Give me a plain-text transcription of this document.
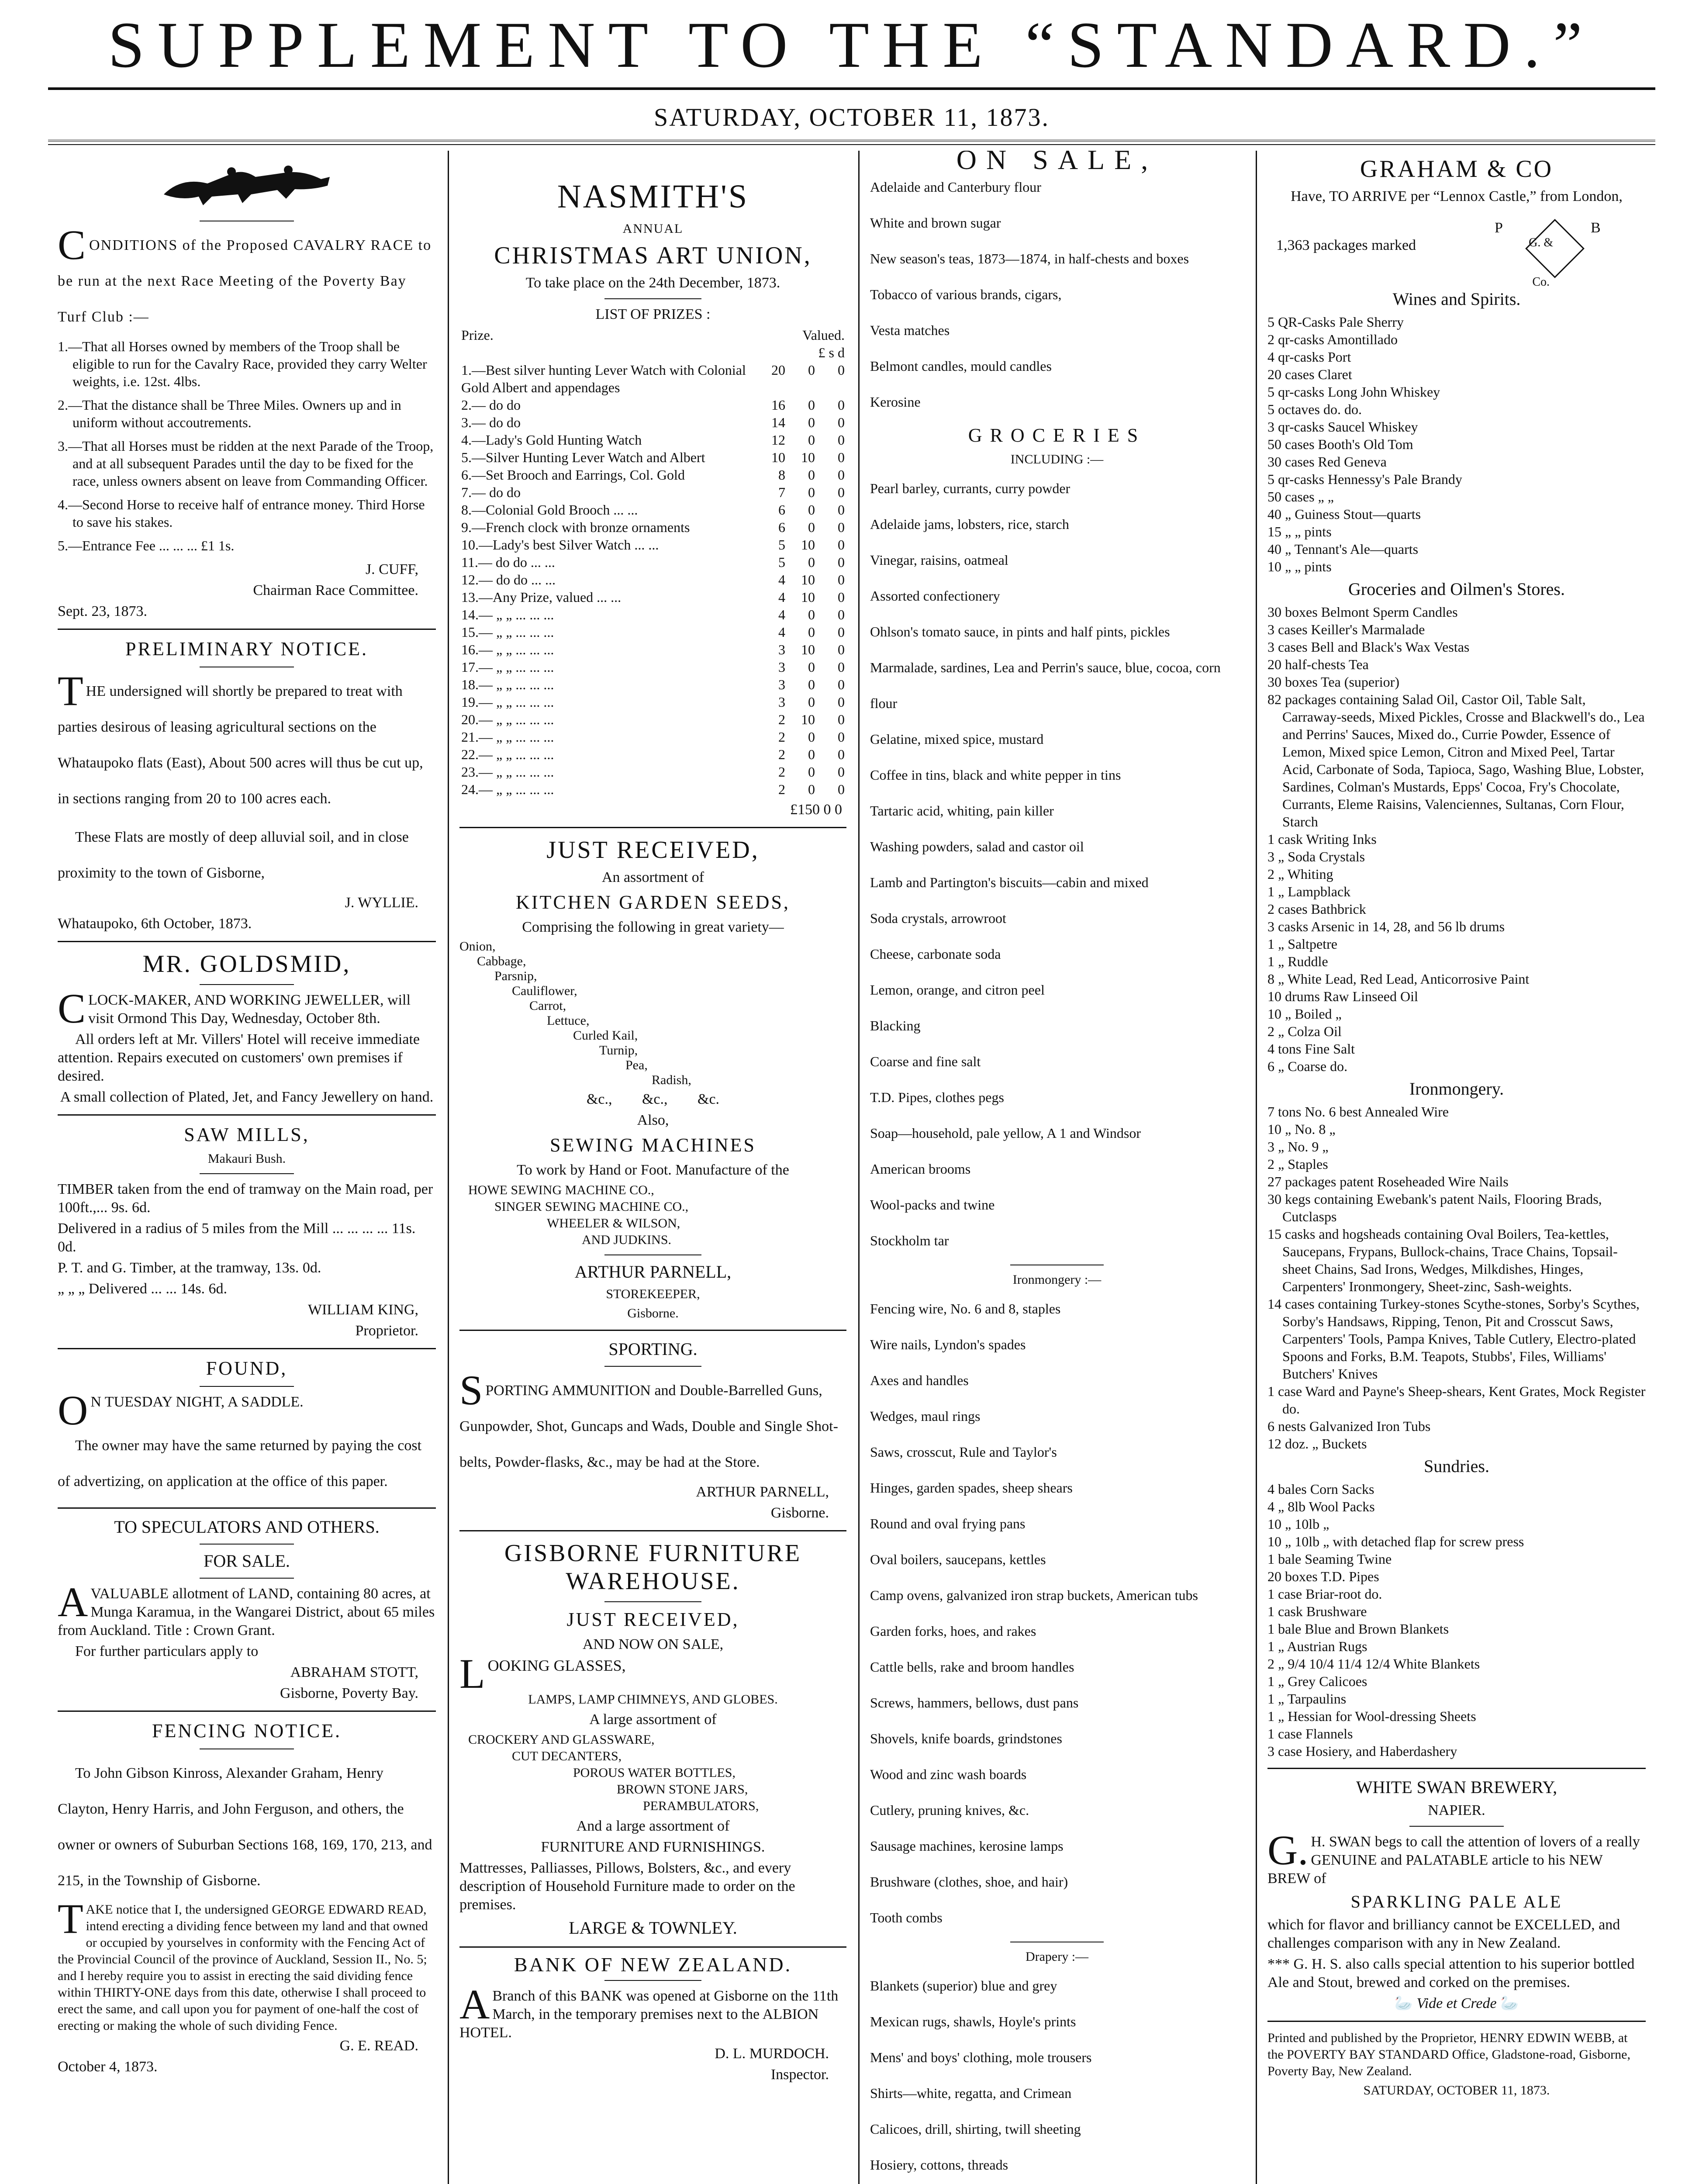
SUPPLEMENT TO THE “STANDARD.”
SATURDAY, OCTOBER 11, 1873.

CONDITIONS of the Proposed CAVALRY RACE to be run at the next Race Meeting of the Poverty Bay Turf Club :—

1.—That all Horses owned by members of the Troop shall be eligible to run for the Cavalry Race, provided they carry Welter weights, i.e. 12st. 4lbs.
2.—That the distance shall be Three Miles. Owners up and in uniform without accoutrements.
3.—That all Horses must be ridden at the next Parade of the Troop, and at all subsequent Parades until the day to be fixed for the race, unless owners absent on leave from Commanding Officer.
4.—Second Horse to receive half of entrance money. Third Horse to save his stakes.
5.—Entrance Fee ... ... ... £1 1s.

J. CUFF,

Chairman Race Committee.

Sept. 23, 1873.

PRELIMINARY NOTICE.

THE undersigned will shortly be prepared to treat with parties desirous of leasing agricultural sections on the Whataupoko flats (East), About 500 acres will thus be cut up, in sections ranging from 20 to 100 acres each.

These Flats are mostly of deep alluvial soil, and in close proximity to the town of Gisborne,

J. WYLLIE.

Whataupoko, 6th October, 1873.

MR. GOLDSMID,

CLOCK-MAKER, AND WORKING JEWELLER, will visit Ormond This Day, Wednesday, October 8th.

All orders left at Mr. Villers' Hotel will receive immediate attention. Repairs executed on customers' own premises if desired.

A small collection of Plated, Jet, and Fancy Jewellery on hand.

SAW MILLS,

Makauri Bush.

TIMBER taken from the end of tramway on the Main road, per 100ft.,... 9s. 6d.

Delivered in a radius of 5 miles from the Mill ... ... ... ... 11s. 0d.

P. T. and G. Timber, at the tramway, 13s. 0d.

„ „ „ Delivered ... ... 14s. 6d.

WILLIAM KING,

Proprietor.

FOUND,

ON TUESDAY NIGHT, A SADDLE.

The owner may have the same returned by paying the cost of advertizing, on application at the office of this paper.

TO SPECULATORS AND OTHERS.
FOR SALE.

AVALUABLE allotment of LAND, containing 80 acres, at Munga Karamua, in the Wangarei District, about 65 miles from Auckland. Title : Crown Grant.

For further particulars apply to

ABRAHAM STOTT,

Gisborne, Poverty Bay.

FENCING NOTICE.

To John Gibson Kinross, Alexander Graham, Henry Clayton, Henry Harris, and John Ferguson, and others, the owner or owners of Suburban Sections 168, 169, 170, 213, and 215, in the Township of Gisborne.

TAKE notice that I, the undersigned GEORGE EDWARD READ, intend erecting a dividing fence between my land and that owned or occupied by yourselves in conformity with the Fencing Act of the Provincial Council of the province of Auckland, Session II., No. 5; and I hereby require you to assist in erecting the said dividing fence within THIRTY-ONE days from this date, otherwise I shall proceed to erect the same, and call upon you for payment of one-half the cost of erecting or making the whole of such dividing Fence.

G. E. READ.

October 4, 1873.

NASMITH'S

ANNUAL

CHRISTMAS ART UNION,

To take place on the 24th December, 1873.

LIST OF PRIZES :

Prize.	Valued.		
	£ s d		
1.—Best silver hunting Lever Watch with Colonial Gold Albert and appendages	20	0	0
2.— do do	16	0	0
3.— do do	14	0	0
4.—Lady's Gold Hunting Watch	12	0	0
5.—Silver Hunting Lever Watch and Albert	10	10	0
6.—Set Brooch and Earrings, Col. Gold	8	0	0
7.— do do	7	0	0
8.—Colonial Gold Brooch ... ...	6	0	0
9.—French clock with bronze ornaments	6	0	0
10.—Lady's best Silver Watch ... ...	5	10	0
11.— do do ... ...	5	0	0
12.— do do ... ...	4	10	0
13.—Any Prize, valued ... ...	4	10	0
14.— „ „ ... ... ...	4	0	0
15.— „ „ ... ... ...	4	0	0
16.— „ „ ... ... ...	3	10	0
17.— „ „ ... ... ...	3	0	0
18.— „ „ ... ... ...	3	0	0
19.— „ „ ... ... ...	3	0	0
20.— „ „ ... ... ...	2	10	0
21.— „ „ ... ... ...	2	0	0
22.— „ „ ... ... ...	2	0	0
23.— „ „ ... ... ...	2	0	0
24.— „ „ ... ... ...	2	0	0

£150 0 0

JUST RECEIVED,

An assortment of

KITCHEN GARDEN SEEDS,

Comprising the following in great variety—

Onion,
Cabbage,
Parsnip,
Cauliflower,
Carrot,
Lettuce,
Curled Kail,
Turnip,
Pea,
Radish,

&c., &c., &c.

Also,

SEWING MACHINES

To work by Hand or Foot. Manufacture of the

HOWE SEWING MACHINE CO.,
SINGER SEWING MACHINE CO.,
WHEELER & WILSON,
AND JUDKINS.
ARTHUR PARNELL,

STOREKEEPER,

Gisborne.

SPORTING.

SPORTING AMMUNITION and Double-Barrelled Guns, Gunpowder, Shot, Guncaps and Wads, Double and Single Shot-belts, Powder-flasks, &c., may be had at the Store.

ARTHUR PARNELL,

Gisborne.

GISBORNE FURNITURE WAREHOUSE.
JUST RECEIVED,

AND NOW ON SALE,

LOOKING GLASSES,

LAMPS, LAMP CHIMNEYS, AND GLOBES.

A large assortment of

CROCKERY AND GLASSWARE,
CUT DECANTERS,
POROUS WATER BOTTLES,
BROWN STONE JARS,
PERAMBULATORS,

And a large assortment of

FURNITURE AND FURNISHINGS.

Mattresses, Palliasses, Pillows, Bolsters, &c., and every description of Household Furniture made to order on the premises.

LARGE & TOWNLEY.
BANK OF NEW ZEALAND.

ABranch of this BANK was opened at Gisborne on the 11th March, in the temporary premises next to the ALBION HOTEL.

D. L. MURDOCH.

Inspector.

ON SALE,
Adelaide and Canterbury flour
White and brown sugar
New season's teas, 1873—1874, in half-chests and boxes
Tobacco of various brands, cigars,
Vesta matches
Belmont candles, mould candles
Kerosine
GROCERIES

INCLUDING :—

Pearl barley, currants, curry powder
Adelaide jams, lobsters, rice, starch
Vinegar, raisins, oatmeal
Assorted confectionery
Ohlson's tomato sauce, in pints and half pints, pickles
Marmalade, sardines, Lea and Perrin's sauce, blue, cocoa, corn flour
Gelatine, mixed spice, mustard
Coffee in tins, black and white pepper in tins
Tartaric acid, whiting, pain killer
Washing powders, salad and castor oil
Lamb and Partington's biscuits—cabin and mixed
Soda crystals, arrowroot
Cheese, carbonate soda
Lemon, orange, and citron peel
Blacking
Coarse and fine salt
T.D. Pipes, clothes pegs
Soap—household, pale yellow, A 1 and Windsor
American brooms
Wool-packs and twine
Stockholm tar

Ironmongery :—

Fencing wire, No. 6 and 8, staples
Wire nails, Lyndon's spades
Axes and handles
Wedges, maul rings
Saws, crosscut, Rule and Taylor's
Hinges, garden spades, sheep shears
Round and oval frying pans
Oval boilers, saucepans, kettles
Camp ovens, galvanized iron strap buckets, American tubs
Garden forks, hoes, and rakes
Cattle bells, rake and broom handles
Screws, hammers, bellows, dust pans
Shovels, knife boards, grindstones
Wood and zinc wash boards
Cutlery, pruning knives, &c.
Sausage machines, kerosine lamps
Brushware (clothes, shoe, and hair)
Tooth combs

Drapery :—

Blankets (superior) blue and grey
Mexican rugs, shawls, Hoyle's prints
Mens' and boys' clothing, mole trousers
Shirts—white, regatta, and Crimean
Calicoes, drill, shirting, twill sheeting
Hosiery, cottons, threads
GRAHAM & CO

Have, TO ARRIVE per “Lennox Castle,” from London,

1,363 packages marked
P	B
G. & Co.
Wines and Spirits.
5 QR-Casks Pale Sherry
2 qr-casks Amontillado
4 qr-casks Port
20 cases Claret
5 qr-casks Long John Whiskey
5 octaves do. do.
3 qr-casks Saucel Whiskey
50 cases Booth's Old Tom
30 cases Red Geneva
5 qr-casks Hennessy's Pale Brandy
50 cases „ „
40 „ Guiness Stout—quarts
15 „ „ pints
40 „ Tennant's Ale—quarts
10 „ „ pints
Groceries and Oilmen's Stores.
30 boxes Belmont Sperm Candles
3 cases Keiller's Marmalade
3 cases Bell and Black's Wax Vestas
20 half-chests Tea
30 boxes Tea (superior)
82 packages containing Salad Oil, Castor Oil, Table Salt, Carraway-seeds, Mixed Pickles, Crosse and Blackwell's do., Lea and Perrins' Sauces, Mixed do., Currie Powder, Essence of Lemon, Mixed spice Lemon, Citron and Mixed Peel, Tartar Acid, Carbonate of Soda, Tapioca, Sago, Washing Blue, Lobster, Sardines, Colman's Mustards, Epps' Cocoa, Fry's Chocolate, Currants, Eleme Raisins, Valenciennes, Sultanas, Corn Flour, Starch
1 cask Writing Inks
3 „ Soda Crystals
2 „ Whiting
1 „ Lampblack
2 cases Bathbrick
3 casks Arsenic in 14, 28, and 56 lb drums
1 „ Saltpetre
1 „ Ruddle
8 „ White Lead, Red Lead, Anticorrosive Paint
10 drums Raw Linseed Oil
10 „ Boiled „
2 „ Colza Oil
4 tons Fine Salt
6 „ Coarse do.
Ironmongery.
7 tons No. 6 best Annealed Wire
10 „ No. 8 „
3 „ No. 9 „
2 „ Staples
27 packages patent Roseheaded Wire Nails
30 kegs containing Ewebank's patent Nails, Flooring Brads, Cutclasps
15 casks and hogsheads containing Oval Boilers, Tea-kettles, Saucepans, Frypans, Bullock-chains, Trace Chains, Topsail-sheet Chains, Sad Irons, Wedges, Milkdishes, Hinges, Carpenters' Ironmongery, Sheet-zinc, Sash-weights.
14 cases containing Turkey-stones Scythe-stones, Sorby's Scythes, Sorby's Handsaws, Ripping, Tenon, Pit and Crosscut Saws, Carpenters' Tools, Pampa Knives, Table Cutlery, Electro-plated Spoons and Forks, B.M. Teapots, Stubbs', Files, Williams' Butchers' Knives
1 case Ward and Payne's Sheep-shears, Kent Grates, Mock Register do.
6 nests Galvanized Iron Tubs
12 doz. „ Buckets
Sundries.
4 bales Corn Sacks
4 „ 8lb Wool Packs
10 „ 10lb „
10 „ 10lb „ with detached flap for screw press
1 bale Seaming Twine
20 boxes T.D. Pipes
1 case Briar-root do.
1 cask Brushware
1 bale Blue and Brown Blankets
1 „ Austrian Rugs
2 „ 9/4 10/4 11/4 12/4 White Blankets
1 „ Grey Calicoes
1 „ Tarpaulins
1 „ Hessian for Wool-dressing Sheets
1 case Flannels
3 case Hosiery, and Haberdashery
WHITE SWAN BREWERY,

NAPIER.

G.H. SWAN begs to call the attention of lovers of a really GENUINE and PALATABLE article to his NEW BREW of

SPARKLING PALE ALE

which for flavor and brilliancy cannot be EXCELLED, and challenges comparison with any in New Zealand.

*** G. H. S. also calls special attention to his superior bottled Ale and Stout, brewed and corked on the premises.

🦢 Vide et Crede 🦢

Printed and published by the Proprietor, HENRY EDWIN WEBB, at the POVERTY BAY STANDARD Office, Gladstone-road, Gisborne, Poverty Bay, New Zealand.

SATURDAY, OCTOBER 11, 1873.
